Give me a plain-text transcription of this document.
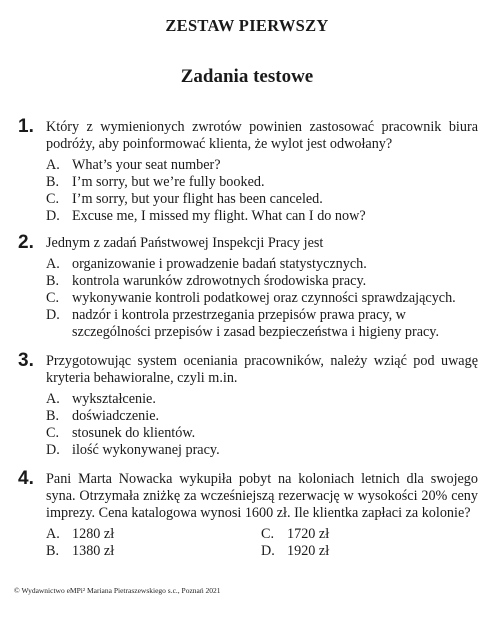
ZESTAW PIERWSZY
Zadania testowe
1. Który z wymienionych zwrotów powinien zastosować pracownik biura podróży, aby poinformować klienta, że wylot jest odwołany?
A. What’s your seat number?
B. I’m sorry, but we’re fully booked.
C. I’m sorry, but your flight has been canceled.
D. Excuse me, I missed my flight. What can I do now?
2. Jednym z zadań Państwowej Inspekcji Pracy jest
A. organizowanie i prowadzenie badań statystycznych.
B. kontrola warunków zdrowotnych środowiska pracy.
C. wykonywanie kontroli podatkowej oraz czynności sprawdzających.
D. nadzór i kontrola przestrzegania przepisów prawa pracy, w szczególności przepisów i zasad bezpieczeństwa i higieny pracy.
3. Przygotowując system oceniania pracowników, należy wziąć pod uwagę kryteria behawioralne, czyli m.in.
A. wykształcenie.
B. doświadczenie.
C. stosunek do klientów.
D. ilość wykonywanej pracy.
4. Pani Marta Nowacka wykupiła pobyt na koloniach letnich dla swojego syna. Otrzymała zniżkę za wcześniejszą rezerwację w wysokości 20% ceny imprezy. Cena katalogowa wynosi 1600 zł. Ile klientka zapłaci za kolonie?
A. 1280 zł	C. 1720 zł
B. 1380 zł	D. 1920 zł
© Wydawnictwo eMPi² Mariana Pietraszewskiego s.c., Poznań 2021
